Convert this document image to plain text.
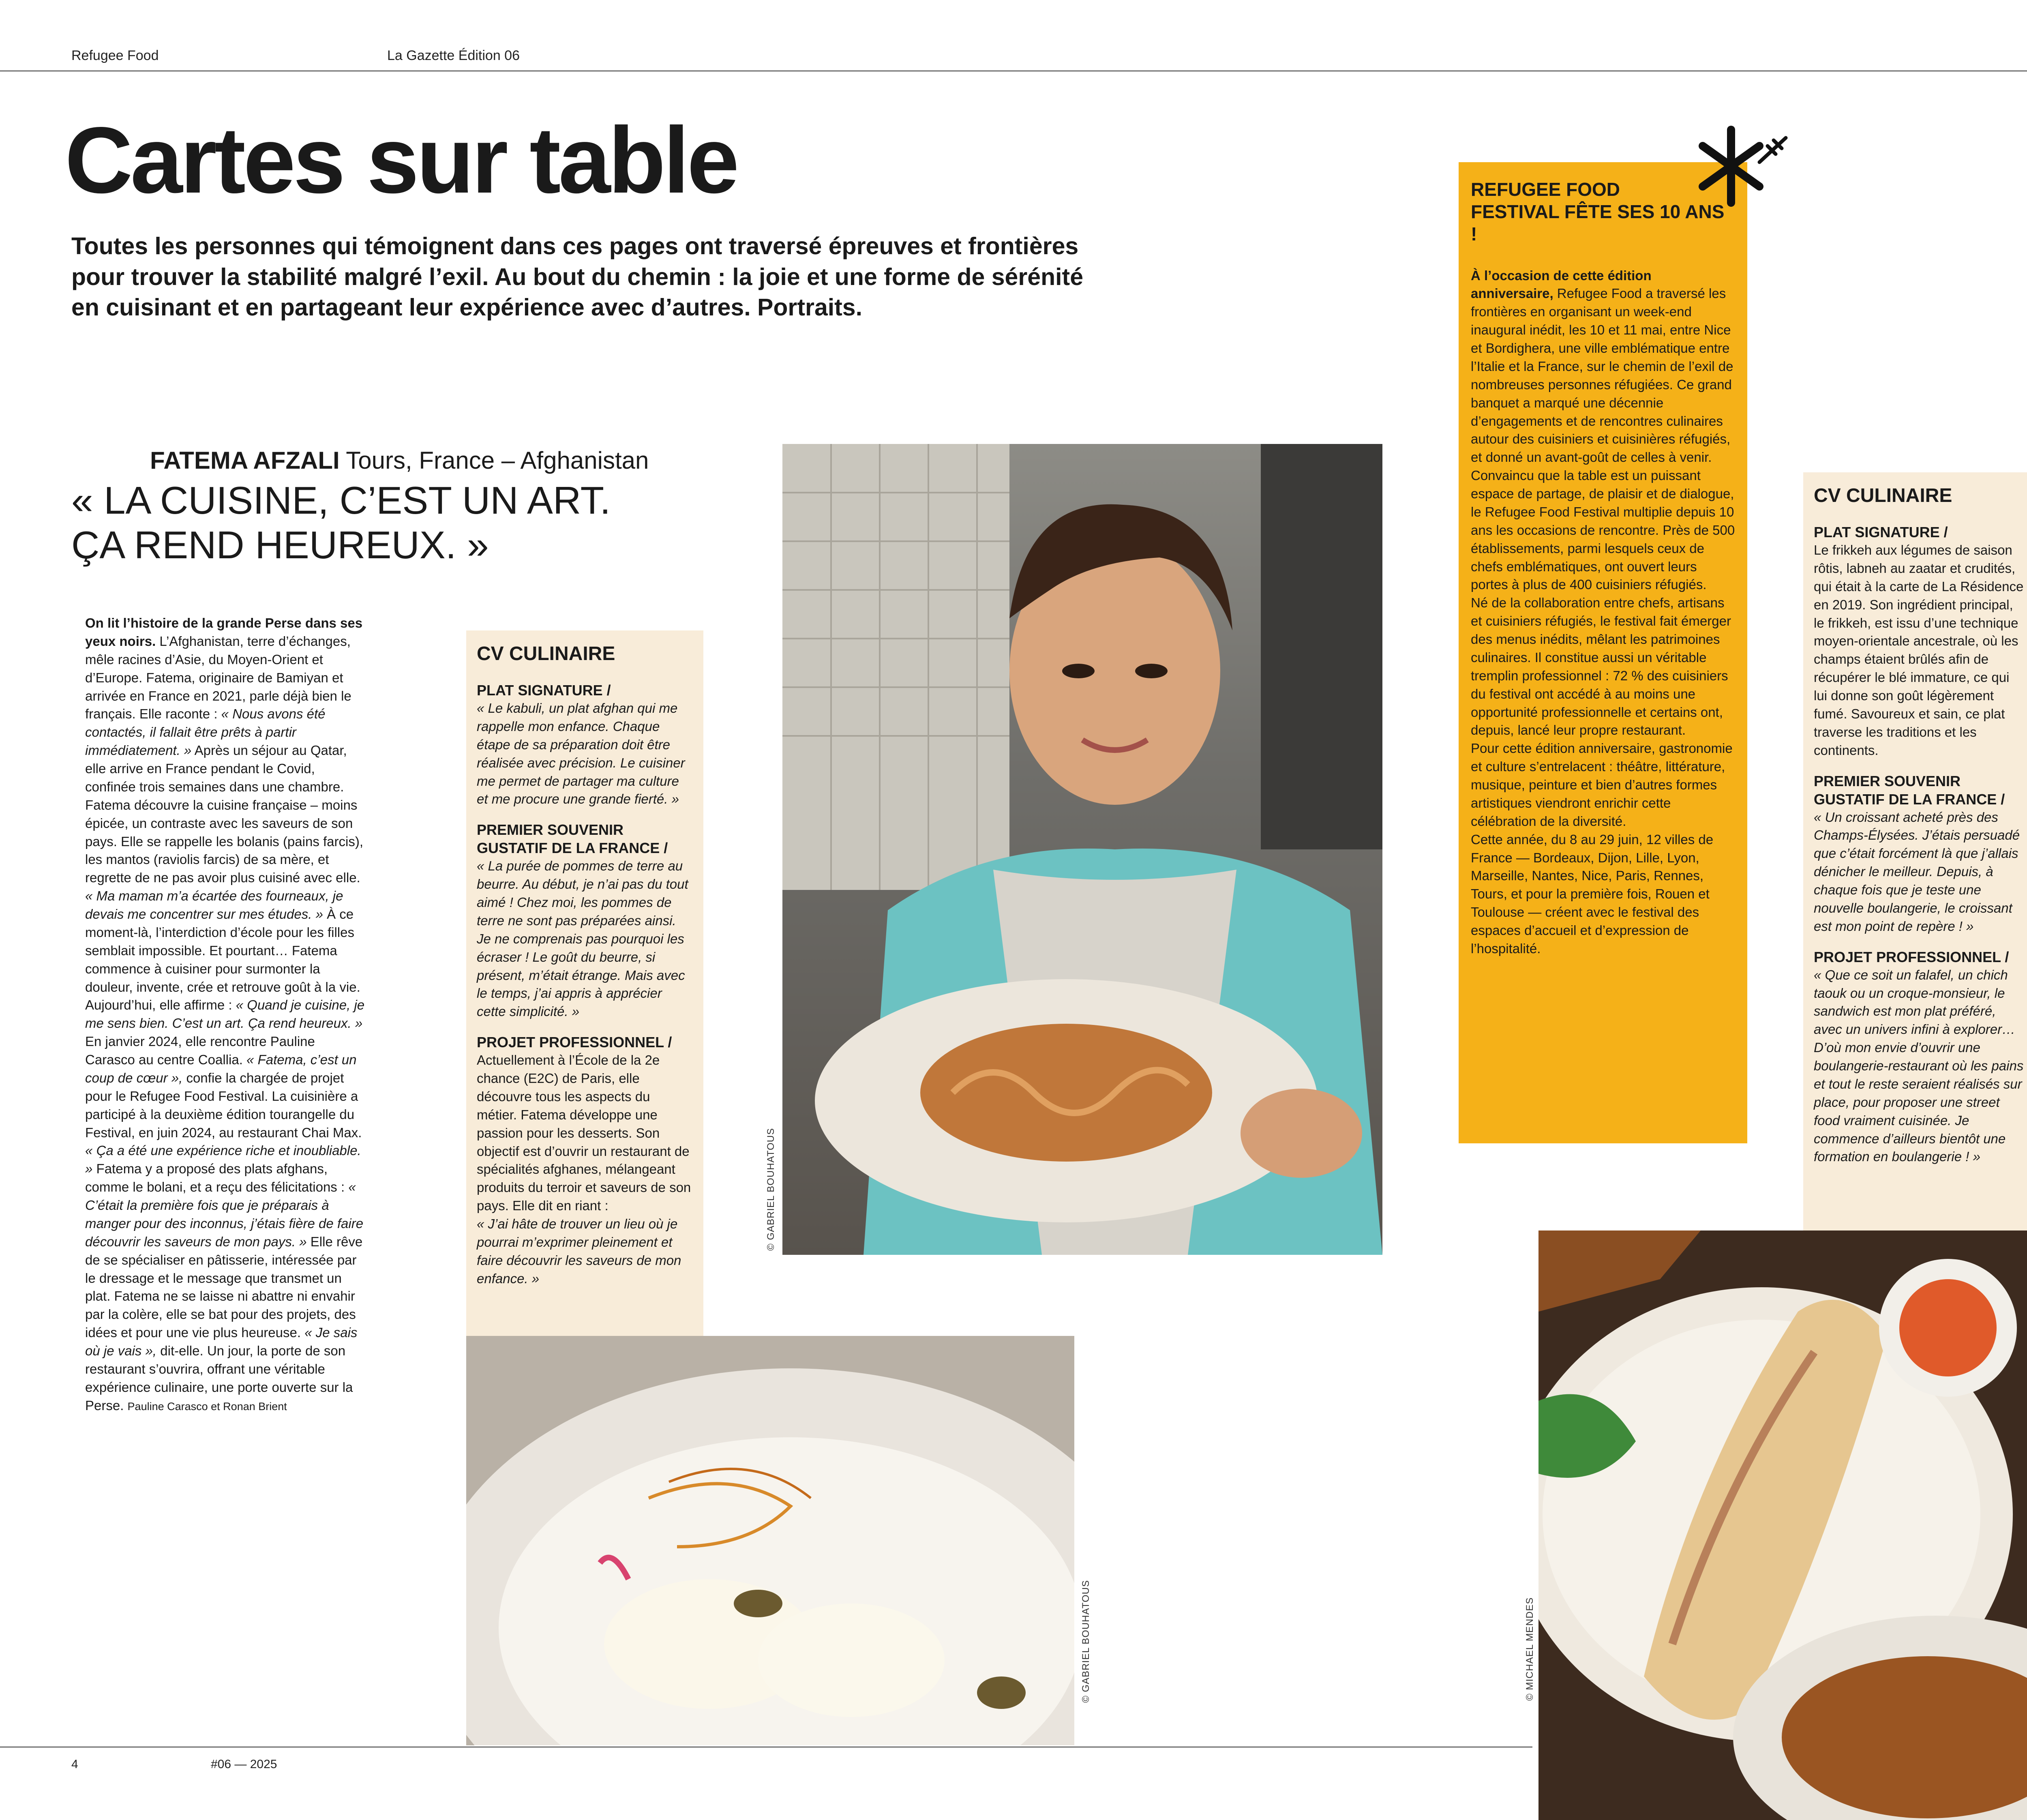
Refugee Food	La Gazette Édition 06
Cartes sur table
Toutes les personnes qui témoignent dans ces pages ont traversé épreuves et frontières pour trouver la stabilité malgré l’exil. Au bout du chemin : la joie et une forme de sérénité en cuisinant et en partageant leur expérience avec d’autres. Portraits.
FATEMA AFZALI Tours, France – Afghanistan
« LA CUISINE, C’EST UN ART.
ÇA REND HEUREUX. »

On lit l’histoire de la grande Perse dans ses yeux noirs. L’Afghanistan, terre d’échanges, mêle racines d’Asie, du Moyen-Orient et d’Europe. Fatema, originaire de Bamiyan et arrivée en France en 2021, parle déjà bien le français. Elle raconte : « Nous avons été contactés, il fallait être prêts à partir immédiatement. » Après un séjour au Qatar, elle arrive en France pendant le Covid, confinée trois semaines dans une chambre. Fatema découvre la cuisine française – moins épicée, un contraste avec les saveurs de son pays. Elle se rappelle les bolanis (pains farcis), les mantos (raviolis farcis) de sa mère, et regrette de ne pas avoir plus cuisiné avec elle. « Ma maman m’a écartée des fourneaux, je devais me concentrer sur mes études. » À ce moment-là, l’interdiction d’école pour les filles semblait impossible. Et pourtant… Fatema commence à cuisiner pour surmonter la douleur, invente, crée et retrouve goût à la vie. Aujourd’hui, elle affirme : « Quand je cuisine, je me sens bien. C’est un art. Ça rend heureux. » En janvier 2024, elle rencontre Pauline Carasco au centre Coallia. « Fatema, c’est un coup de cœur », confie la chargée de projet pour le Refugee Food Festival. La cuisinière a participé à la deuxième édition tourangelle du Festival, en juin 2024, au restaurant Chai Max. « Ça a été une expérience riche et inoubliable. » Fatema y a proposé des plats afghans, comme le bolani, et a reçu des félicitations : « C’était la première fois que je préparais à manger pour des inconnus, j’étais fière de faire découvrir les saveurs de mon pays. » Elle rêve de se spécialiser en pâtisserie, intéressée par le dressage et le message que transmet un plat. Fatema ne se laisse ni abattre ni envahir par la colère, elle se bat pour des projets, des idées et pour une vie plus heureuse. « Je sais où je vais », dit-elle. Un jour, la porte de son restaurant s’ouvrira, offrant une véritable expérience culinaire, une porte ouverte sur la Perse. Pauline Carasco et Ronan Brient

CV CULINAIRE
PLAT SIGNATURE /
« Le kabuli, un plat afghan qui me rappelle mon enfance. Chaque étape de sa préparation doit être réalisée avec précision. Le cuisiner me permet de partager ma culture et me procure une grande fierté. »
PREMIER SOUVENIR GUSTATIF DE LA FRANCE /
« La purée de pommes de terre au beurre. Au début, je n’ai pas du tout aimé ! Chez moi, les pommes de terre ne sont pas préparées ainsi. Je ne comprenais pas pourquoi les écraser ! Le goût du beurre, si présent, m’était étrange. Mais avec le temps, j’ai appris à apprécier cette simplicité. »
PROJET PROFESSIONNEL /
Actuellement à l’École de la 2e chance (E2C) de Paris, elle découvre tous les aspects du métier. Fatema développe une passion pour les desserts. Son objectif est d’ouvrir un restaurant de spécialités afghanes, mélangeant produits du terroir et saveurs de son pays. Elle dit en riant :
« J’ai hâte de trouver un lieu où je pourrai m’exprimer pleinement et faire découvrir les saveurs de mon enfance. »
© GABRIEL BOUHATOUS
© GABRIEL BOUHATOUS
REFUGEE FOOD
FESTIVAL FÊTE SES 10 ANS !
À l’occasion de cette édition anniversaire, Refugee Food a traversé les frontières en organisant un week-end inaugural inédit, les 10 et 11 mai, entre Nice et Bordighera, une ville emblématique entre l’Italie et la France, sur le chemin de l’exil de nombreuses personnes réfugiées. Ce grand banquet a marqué une décennie d’engagements et de rencontres culinaires autour des cuisiniers et cuisinières réfugiés, et donné un avant-goût de celles à venir. Convaincu que la table est un puissant espace de partage, de plaisir et de dialogue, le Refugee Food Festival multiplie depuis 10 ans les occasions de rencontre. Près de 500 établissements, parmi lesquels ceux de chefs emblématiques, ont ouvert leurs portes à plus de 400 cuisiniers réfugiés.
Né de la collaboration entre chefs, artisans et cuisiniers réfugiés, le festival fait émerger des menus inédits, mêlant les patrimoines culinaires. Il constitue aussi un véritable tremplin professionnel : 72 % des cuisiniers du festival ont accédé à au moins une opportunité professionnelle et certains ont, depuis, lancé leur propre restaurant.
Pour cette édition anniversaire, gastronomie et culture s’entrelacent : théâtre, littérature, musique, peinture et bien d’autres formes artistiques viendront enrichir cette célébration de la diversité.
Cette année, du 8 au 29 juin, 12 villes de France — Bordeaux, Dijon, Lille, Lyon, Marseille, Nantes, Nice, Paris, Rennes, Tours, et pour la première fois, Rouen et Toulouse — créent avec le festival des espaces d’accueil et d’expression de l’hospitalité.
CV CULINAIRE
PLAT SIGNATURE /
Le frikkeh aux légumes de saison rôtis, labneh au zaatar et crudités, qui était à la carte de La Résidence en 2019. Son ingrédient principal, le frikkeh, est issu d’une technique moyen-orientale ancestrale, où les champs étaient brûlés afin de récupérer le blé immature, ce qui lui donne son goût légèrement fumé. Savoureux et sain, ce plat traverse les traditions et les continents.
PREMIER SOUVENIR GUSTATIF DE LA FRANCE /
« Un croissant acheté près des Champs-Élysées. J’étais persuadé que c’était forcément là que j’allais dénicher le meilleur. Depuis, à chaque fois que je teste une nouvelle boulangerie, le croissant est mon point de repère ! »
PROJET PROFESSIONNEL /
« Que ce soit un falafel, un chich taouk ou un croque-monsieur, le sandwich est mon plat préféré, avec un univers infini à explorer… D’où mon envie d’ouvrir une boulangerie-restaurant où les pains et tout le reste seraient réalisés sur place, pour proposer une street food vraiment cuisinée. Je commence d’ailleurs bientôt une formation en boulangerie ! »
© MICHAEL MENDES

4	#06 — 2025
